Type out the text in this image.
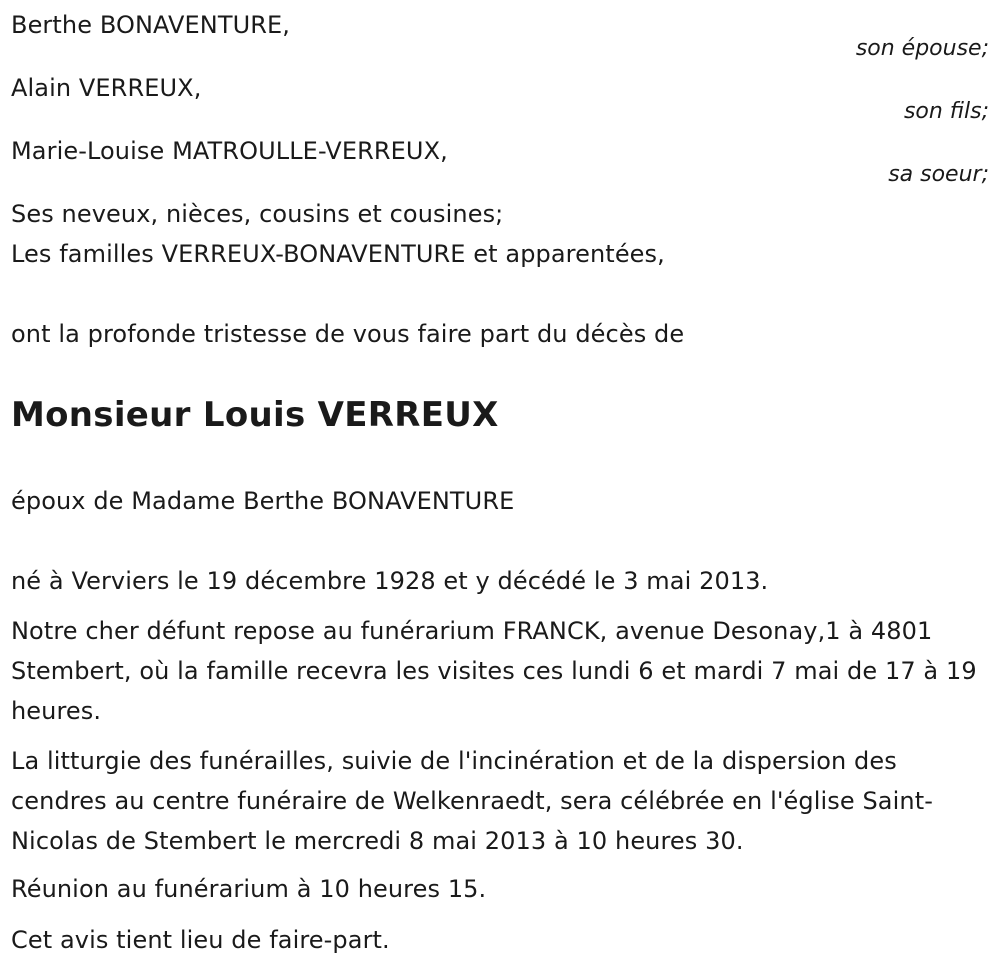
Berthe BONAVENTURE,
son épouse;
Alain VERREUX,
son fils;
Marie-Louise MATROULLE-VERREUX,
sa soeur;
Ses neveux, nièces, cousins et cousines;
Les familles VERREUX-BONAVENTURE et apparentées,
ont la profonde tristesse de vous faire part du décès de
Monsieur Louis VERREUX
époux de Madame Berthe BONAVENTURE
né à Verviers le 19 décembre 1928 et y décédé le 3 mai 2013.
Notre cher défunt repose au funérarium FRANCK, avenue Desonay,1 à 4801 Stembert, où la famille recevra les visites ces lundi 6 et mardi 7 mai de 17 à 19 heures.
La litturgie des funérailles, suivie de l'incinération et de la dispersion des cendres au centre funéraire de Welkenraedt, sera célébrée en l'église Saint-Nicolas de Stembert le mercredi 8 mai 2013 à 10 heures 30.
Réunion au funérarium à 10 heures 15.
Cet avis tient lieu de faire-part.
